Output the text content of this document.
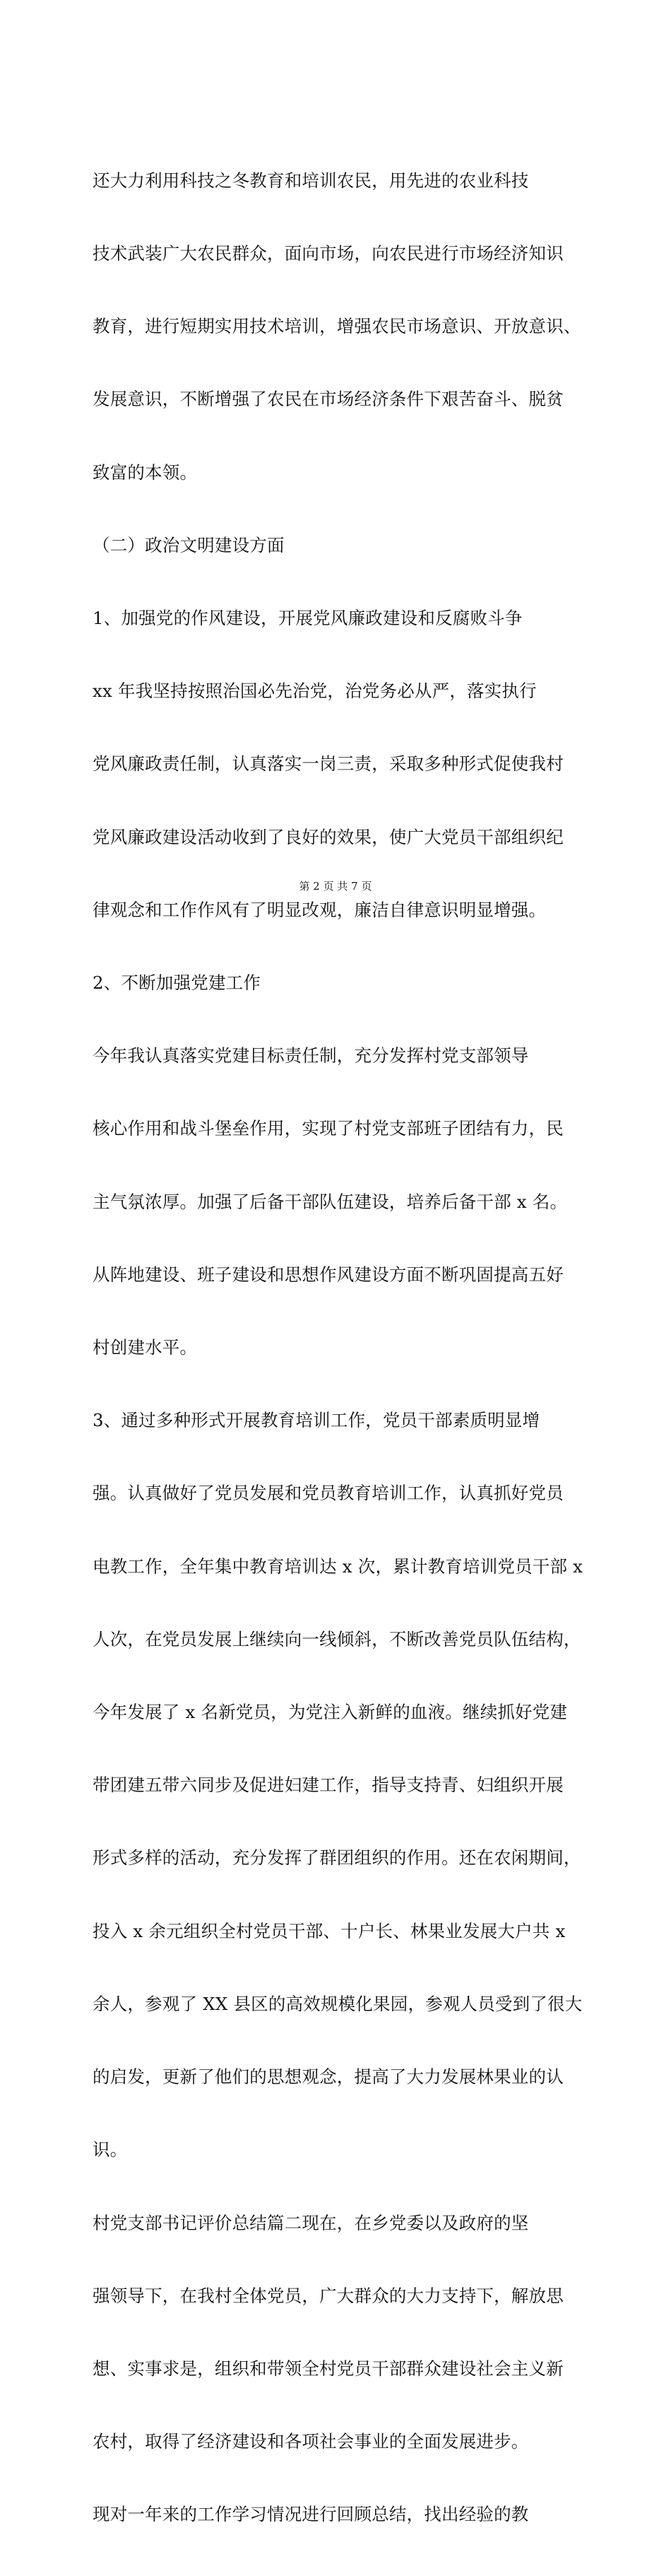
还大力利用科技之冬教育和培训农民，用先进的农业科技

技术武装广大农民群众，面向市场，向农民进行市场经济知识

教育，进行短期实用技术培训，增强农民市场意识、开放意识、

发展意识，不断增强了农民在市场经济条件下艰苦奋斗、脱贫

致富的本领。

（二）政治文明建设方面

1、加强党的作风建设，开展党风廉政建设和反腐败斗争

xx 年我坚持按照治国必先治党，治党务必从严，落实执行

党风廉政责任制，认真落实一岗三责，采取多种形式促使我村

党风廉政建设活动收到了良好的效果，使广大党员干部组织纪

律观念和工作作风有了明显改观，廉洁自律意识明显增强。

2、不断加强党建工作

今年我认真落实党建目标责任制，充分发挥村党支部领导

核心作用和战斗堡垒作用，实现了村党支部班子团结有力，民

主气氛浓厚。加强了后备干部队伍建设，培养后备干部 x 名。

从阵地建设、班子建设和思想作风建设方面不断巩固提高五好

村创建水平。

3、通过多种形式开展教育培训工作，党员干部素质明显增

强。认真做好了党员发展和党员教育培训工作，认真抓好党员

电教工作，全年集中教育培训达 x 次，累计教育培训党员干部 x

人次，在党员发展上继续向一线倾斜，不断改善党员队伍结构，

今年发展了 x 名新党员，为党注入新鲜的血液。继续抓好党建

带团建五带六同步及促进妇建工作，指导支持青、妇组织开展

形式多样的活动，充分发挥了群团组织的作用。还在农闲期间，

投入 x 余元组织全村党员干部、十户长、林果业发展大户共 x

余人，参观了 XX 县区的高效规模化果园，参观人员受到了很大

的启发，更新了他们的思想观念，提高了大力发展林果业的认

识。

村党支部书记评价总结篇二现在，在乡党委以及政府的坚

强领导下，在我村全体党员，广大群众的大力支持下，解放思

想、实事求是，组织和带领全村党员干部群众建设社会主义新

农村，取得了经济建设和各项社会事业的全面发展进步。

现对一年来的工作学习情况进行回顾总结，找出经验的教

第 2 页 共 7 页
